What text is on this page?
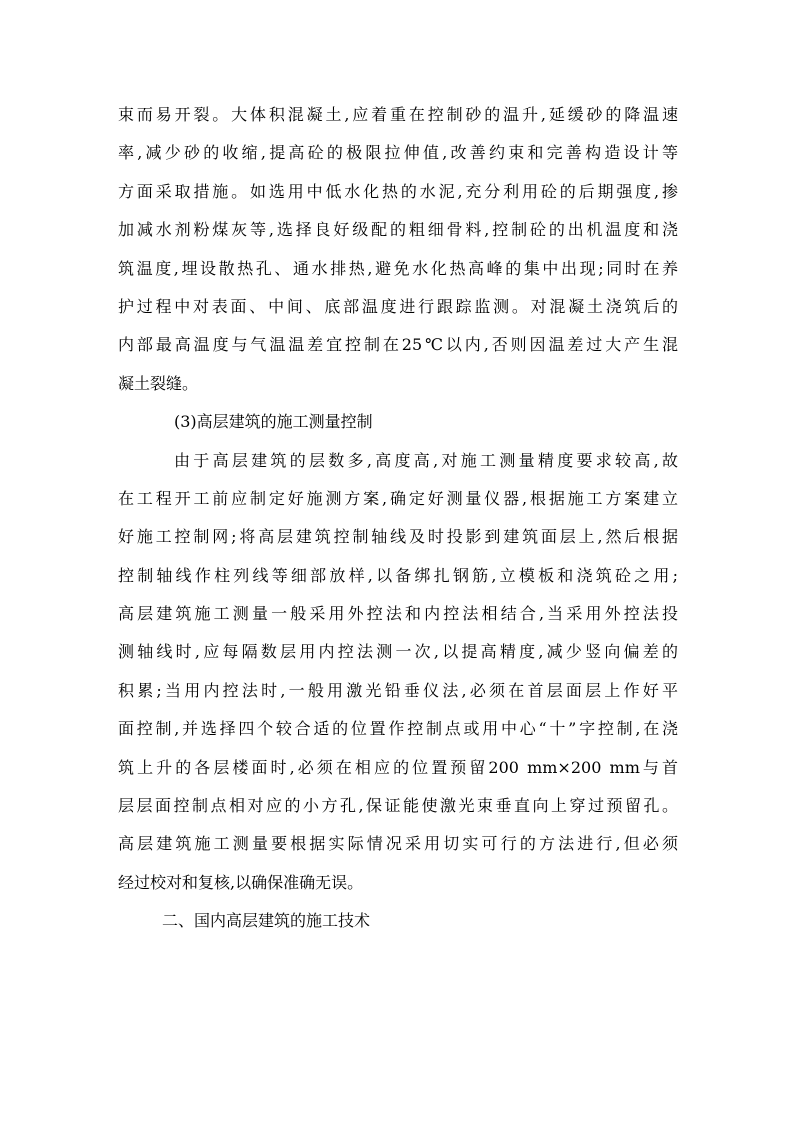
束而易开裂。大体积混凝土,应着重在控制砂的温升,延缓砂的降温速
率,减少砂的收缩,提高砼的极限拉伸值,改善约束和完善构造设计等
方面采取措施。如选用中低水化热的水泥,充分利用砼的后期强度,掺
加减水剂粉煤灰等,选择良好级配的粗细骨料,控制砼的出机温度和浇
筑温度,埋设散热孔、通水排热,避免水化热高峰的集中出现;同时在养
护过程中对表面、中间、底部温度进行跟踪监测。对混凝土浇筑后的
内部最高温度与气温温差宜控制在25℃以内,否则因温差过大产生混
凝土裂缝。
(3)高层建筑的施工测量控制
由于高层建筑的层数多,高度高,对施工测量精度要求较高,故
在工程开工前应制定好施测方案,确定好测量仪器,根据施工方案建立
好施工控制网;将高层建筑控制轴线及时投影到建筑面层上,然后根据
控制轴线作柱列线等细部放样,以备绑扎钢筋,立模板和浇筑砼之用;
高层建筑施工测量一般采用外控法和内控法相结合,当采用外控法投
测轴线时,应每隔数层用内控法测一次,以提高精度,减少竖向偏差的
积累;当用内控法时,一般用激光铅垂仪法,必须在首层面层上作好平
面控制,并选择四个较合适的位置作控制点或用中心“十”字控制,在浇
筑上升的各层楼面时,必须在相应的位置预留200 mm×200 mm与首
层层面控制点相对应的小方孔,保证能使激光束垂直向上穿过预留孔。
高层建筑施工测量要根据实际情况采用切实可行的方法进行,但必须
经过校对和复核,以确保准确无误。
二、国内高层建筑的施工技术
